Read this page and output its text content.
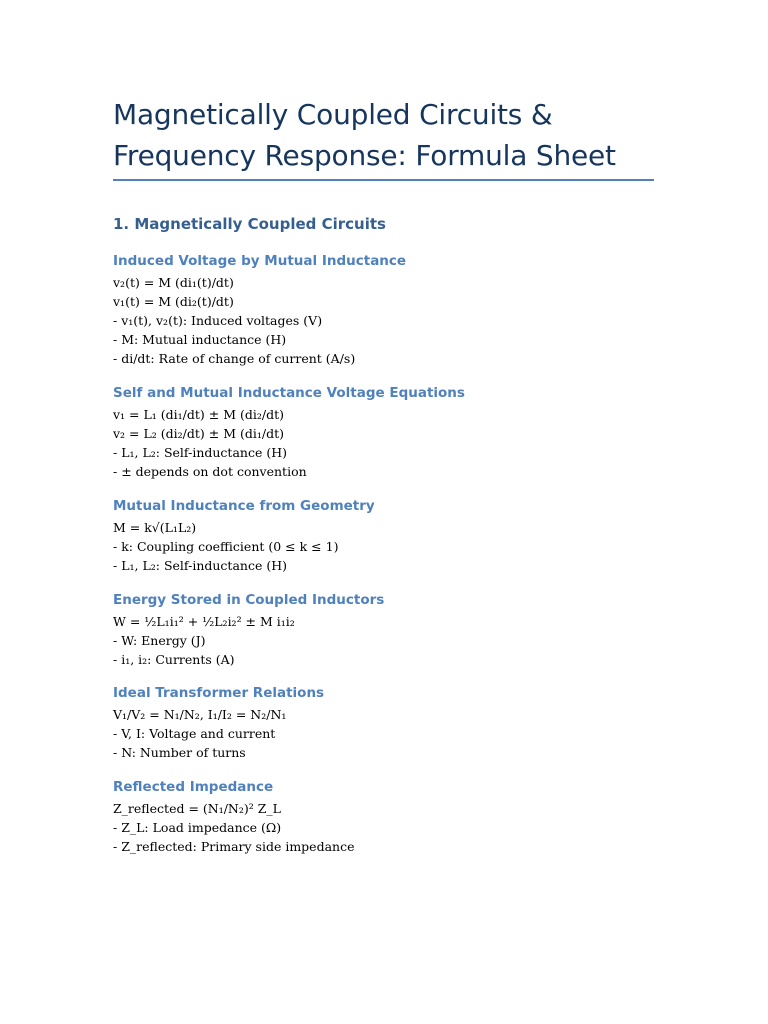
Magnetically Coupled Circuits &
Frequency Response: Formula Sheet
1. Magnetically Coupled Circuits
Induced Voltage by Mutual Inductance

v₂(t) = M (di₁(t)/dt)

v₁(t) = M (di₂(t)/dt)

- v₁(t), v₂(t): Induced voltages (V)

- M: Mutual inductance (H)

- di/dt: Rate of change of current (A/s)

Self and Mutual Inductance Voltage Equations

v₁ = L₁ (di₁/dt) ± M (di₂/dt)

v₂ = L₂ (di₂/dt) ± M (di₁/dt)

- L₁, L₂: Self-inductance (H)

- ± depends on dot convention

Mutual Inductance from Geometry

M = k√(L₁L₂)

- k: Coupling coefficient (0 ≤ k ≤ 1)

- L₁, L₂: Self-inductance (H)

Energy Stored in Coupled Inductors

W = ½L₁i₁² + ½L₂i₂² ± M i₁i₂

- W: Energy (J)

- i₁, i₂: Currents (A)

Ideal Transformer Relations

V₁/V₂ = N₁/N₂, I₁/I₂ = N₂/N₁

- V, I: Voltage and current

- N: Number of turns

Reflected Impedance

Z_reflected = (N₁/N₂)² Z_L

- Z_L: Load impedance (Ω)

- Z_reflected: Primary side impedance
